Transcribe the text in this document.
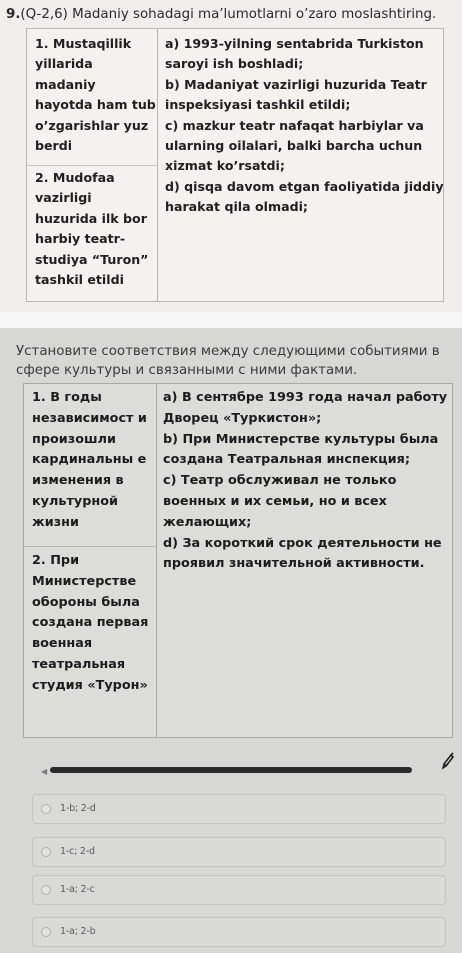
9.(Q-2,6) Madaniy sohadagi ma’lumotlarni o’zaro moslashtiring.
1. Mustaqillik yillarida madaniy hayotda ham tub o’zgarishlar yuz berdi
2. Mudofaa vazirligi huzurida ilk bor harbiy teatr-studiya “Turon” tashkil etildi
a) 1993-yilning sentabrida Turkiston saroyi ish boshladi;
b) Madaniyat vazirligi huzurida Teatr inspeksiyasi tashkil etildi;
c) mazkur teatr nafaqat harbiylar va ularning oilalari, balki barcha uchun xizmat ko’rsatdi;
d) qisqa davom etgan faoliyatida jiddiy harakat qila olmadi;
Установите соответствия между следующими событиями в сфере культуры и связанными с ними фактами.
1. В годы независимост и произошли кардинальны е изменения в культурной жизни
2. При Министерстве обороны была создана первая военная театральная студия «Турон»
a) В сентябре 1993 года начал работу Дворец «Туркистон»;
b) При Министерстве культуры была создана Театральная инспекция;
c) Театр обслуживал не только военных и их семьи, но и всех желающих;
d) За короткий срок деятельности не проявил значительной активности.
◀
1-b; 2-d
1-c; 2-d
1-a; 2-c
1-a; 2-b
